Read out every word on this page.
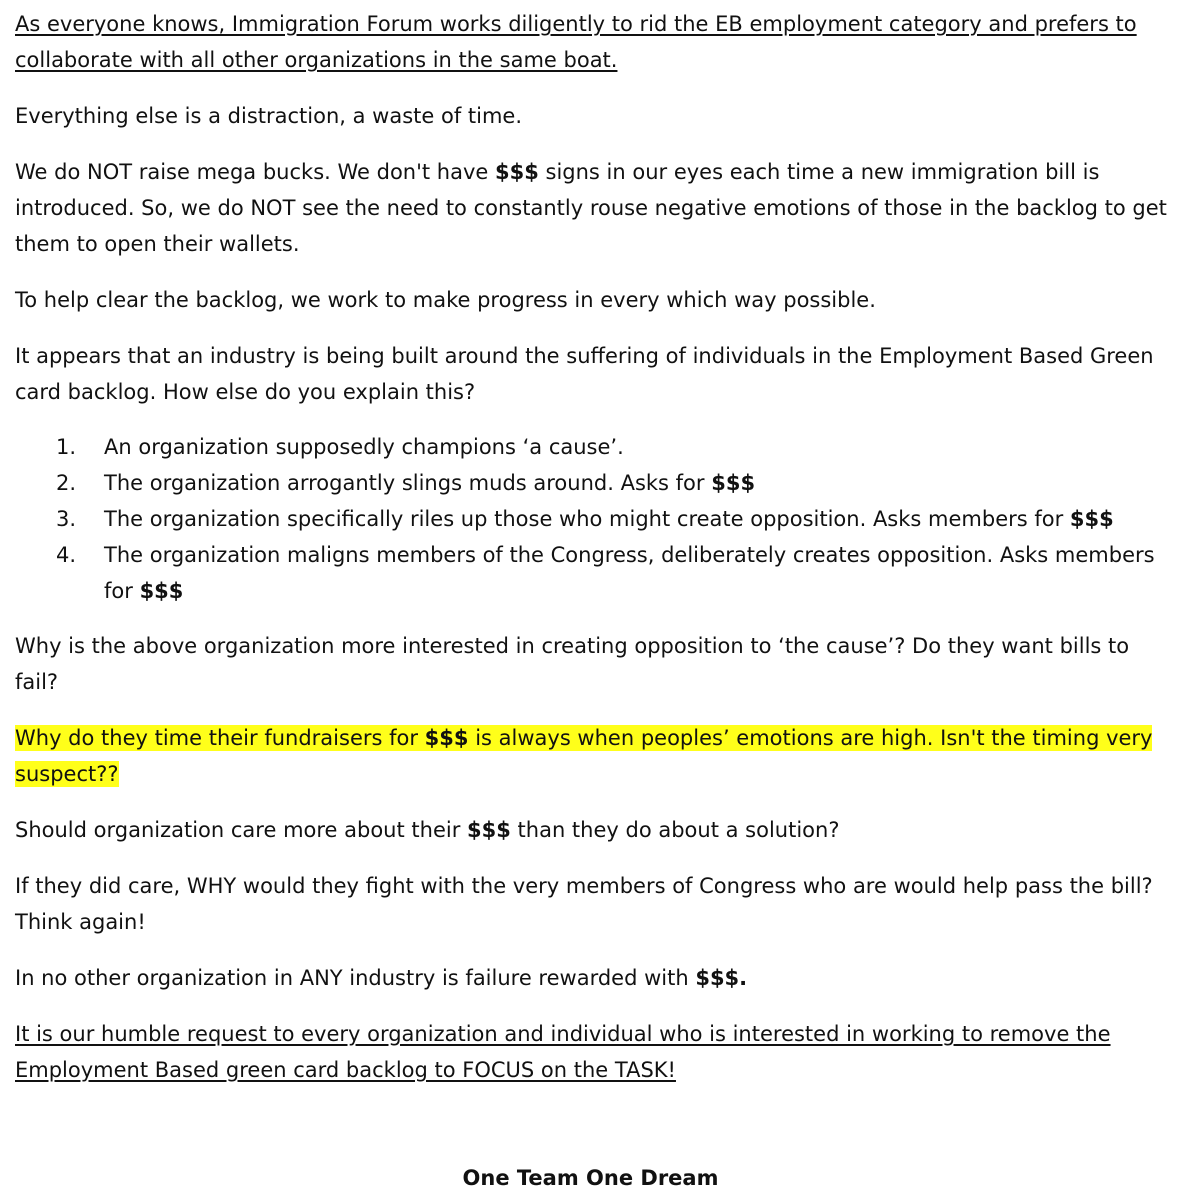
As everyone knows, Immigration Forum works diligently to rid the EB employment category and prefers to collaborate with all other organizations in the same boat.

Everything else is a distraction, a waste of time.

We do NOT raise mega bucks. We don't have $$$ signs in our eyes each time a new immigration bill is introduced. So, we do NOT see the need to constantly rouse negative emotions of those in the backlog to get them to open their wallets.

To help clear the backlog, we work to make progress in every which way possible.

It appears that an industry is being built around the suffering of individuals in the Employment Based Green card backlog. How else do you explain this?

1. An organization supposedly champions ‘a cause’.
2. The organization arrogantly slings muds around. Asks for $$$
3. The organization specifically riles up those who might create opposition. Asks members for $$$
4. The organization maligns members of the Congress, deliberately creates opposition. Asks members for $$$

Why is the above organization more interested in creating opposition to ‘the cause’? Do they want bills to fail?

Why do they time their fundraisers for $$$ is always when peoples’ emotions are high. Isn't the timing very suspect??

Should organization care more about their $$$ than they do about a solution?

If they did care, WHY would they fight with the very members of Congress who are would help pass the bill? Think again!

In no other organization in ANY industry is failure rewarded with $$$.

It is our humble request to every organization and individual who is interested in working to remove the Employment Based green card backlog to FOCUS on the TASK!

One Team One Dream
